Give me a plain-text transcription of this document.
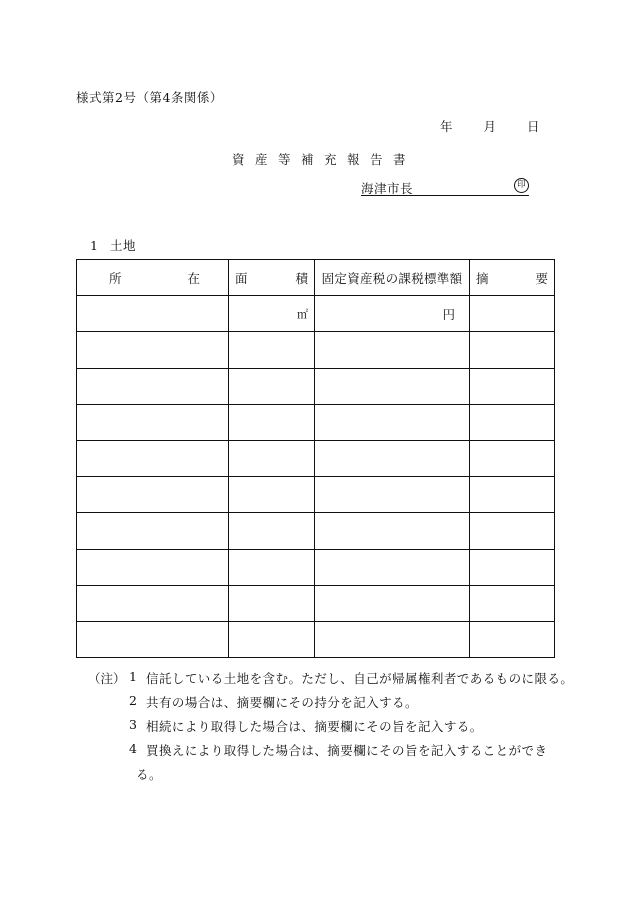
様式第2号（第4条関係）
年 月 日
資産等補充報告書
海津市長	印
1 土地
所 在	面 積	固定資産税の課税標準額	摘 要

	㎡	円	

（注） 1 信託している土地を含む。ただし、自己が帰属権利者であるものに限る。
2 共有の場合は、摘要欄にその持分を記入する。
3 相続により取得した場合は、摘要欄にその旨を記入する。
4 買換えにより取得した場合は、摘要欄にその旨を記入することができ
る。
